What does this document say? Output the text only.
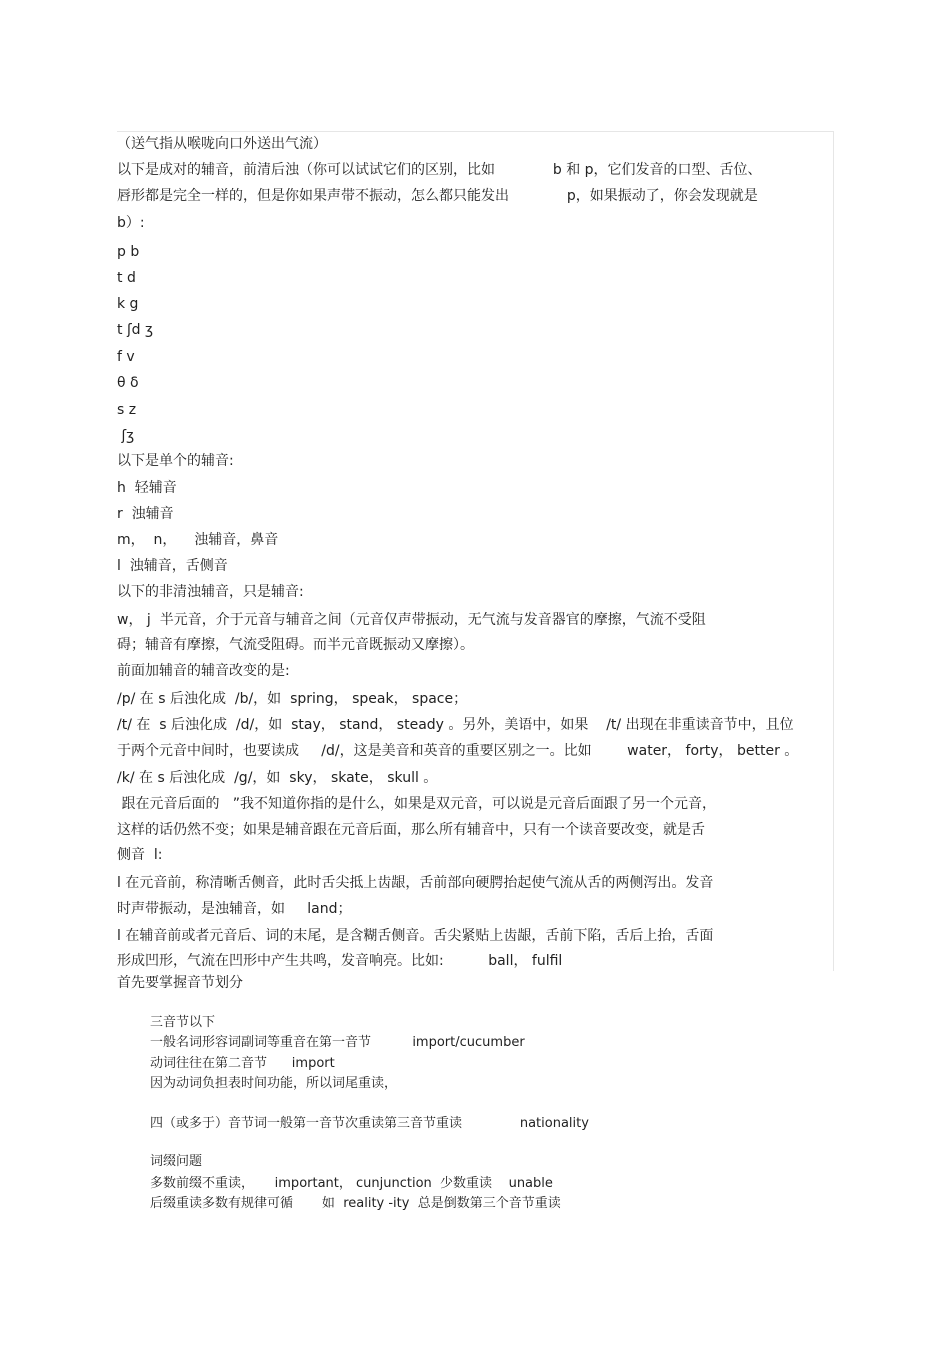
（送气指从喉咙向口外送出气流）
以下是成对的辅音，前清后浊（你可以试试它们的区别，比如             b 和 p，它们发音的口型、舌位、
唇形都是完全一样的，但是你如果声带不振动，怎么都只能发出             p，如果振动了，你会发现就是
b）:
p b
t d
k g
t ʃd ʒ
f v
θ δ
s z
ʃʒ
以下是单个的辅音:
h  轻辅音
r  浊辅音
m，  n，    浊辅音，鼻音
l  浊辅音，舌侧音
以下的非清浊辅音，只是辅音:
w， j  半元音，介于元音与辅音之间（元音仅声带振动，无气流与发音器官的摩擦，气流不受阻
碍；辅音有摩擦，气流受阻碍。而半元音既振动又摩擦）。
前面加辅音的辅音改变的是:
/p/ 在 s 后浊化成  /b/，如  spring， speak， space；
/t/ 在  s 后浊化成  /d/，如  stay， stand， steady 。另外，美语中，如果    /t/ 出现在非重读音节中，且位
于两个元音中间时，也要读成     /d/，这是美音和英音的重要区别之一。比如        water， forty， better 。
/k/ 在 s 后浊化成  /g/，如  sky， skate， skull 。
跟在元音后面的   ”我不知道你指的是什么，如果是双元音，可以说是元音后面跟了另一个元音，
这样的话仍然不变；如果是辅音跟在元音后面，那么所有辅音中，只有一个读音要改变，就是舌
侧音  l:
l 在元音前，称清晰舌侧音，此时舌尖抵上齿龈，舌前部向硬腭抬起使气流从舌的两侧泻出。发音
时声带振动，是浊辅音，如     land；
l 在辅音前或者元音后、词的末尾，是含糊舌侧音。舌尖紧贴上齿龈，舌前下陷，舌后上抬，舌面
形成凹形，气流在凹形中产生共鸣，发音响亮。比如:          ball， fulfil
首先要掌握音节划分
三音节以下
一般名词形容词副词等重音在第一音节          import/cucumber
动词往往在第二音节      import
因为动词负担表时间功能，所以词尾重读，
四（或多于）音节词一般第一音节次重读第三音节重读              nationality
词缀问题
多数前缀不重读，     important， cunjunction  少数重读    unable
后缀重读多数有规律可循       如  reality -ity  总是倒数第三个音节重读
